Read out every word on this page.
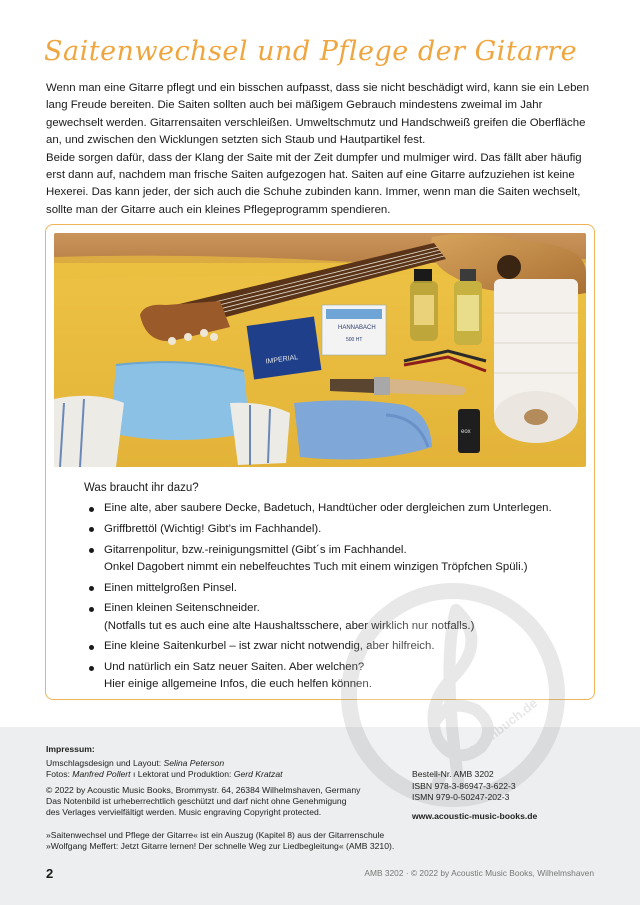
Saitenwechsel und Pflege der Gitarre

Wenn man eine Gitarre pflegt und ein bisschen aufpasst, dass sie nicht beschädigt wird, kann sie ein Leben lang Freude bereiten. Die Saiten sollten auch bei mäßigem Gebrauch mindestens zweimal im Jahr gewechselt werden. Gitarrensaiten verschleißen. Umweltschmutz und Handschweiß greifen die Oberfläche an, und zwischen den Wicklungen setzten sich Staub und Hautpartikel fest.

Beide sorgen dafür, dass der Klang der Saite mit der Zeit dumpfer und mulmiger wird. Das fällt aber häufig erst dann auf, nachdem man frische Saiten aufgezogen hat. Saiten auf eine Gitarre aufzuziehen ist keine Hexerei. Das kann jeder, der sich auch die Schuhe zubinden kann. Immer, wenn man die Saiten wechselt, sollte man der Gitarre auch ein kleines Pflegeprogramm spendieren.

IMPERIAL
HANNABACH
500 HT
eox
Was braucht ihr dazu?
Eine alte, aber saubere Decke, Badetuch, Handtücher oder dergleichen zum Unterlegen.
Griffbrettöl (Wichtig! Gibt’s im Fachhandel).
Gitarrenpolitur, bzw.-reinigungsmittel (Gibt´s im Fachhandel.
Onkel Dagobert nimmt ein nebelfeuchtes Tuch mit einem winzigen Tröpfchen Spüli.)
Einen mittelgroßen Pinsel.
Einen kleinen Seitenschneider.
(Notfalls tut es auch eine alte Haushaltsschere, aber wirklich nur notfalls.)
Eine kleine Saitenkurbel – ist zwar nicht notwendig, aber hilfreich.
Und natürlich ein Satz neuer Saiten. Aber welchen?
Hier einige allgemeine Infos, die euch helfen können.
Notenbuch.de
Impressum:
Umschlagsdesign und Layout: Selina Peterson
Fotos: Manfred Pollert ı Lektorat und Produktion: Gerd Kratzat
© 2022 by Acoustic Music Books, Brommystr. 64, 26384 Wilhelmshaven, Germany
Das Notenbild ist urheberrechtlich geschützt und darf nicht ohne Genehmigung
des Verlages vervielfältigt werden. Music engraving Copyright protected.
»Saitenwechsel und Pflege der Gitarre« ist ein Auszug (Kapitel 8) aus der Gitarrenschule
»Wolfgang Meffert: Jetzt Gitarre lernen! Der schnelle Weg zur Liedbegleitung« (AMB 3210).
Bestell-Nr. AMB 3202
ISBN 978-3-86947-3-622-3
ISMN 979-0-50247-202-3
www.acoustic-music-books.de
2	AMB 3202 · © 2022 by Acoustic Music Books, Wilhelmshaven
